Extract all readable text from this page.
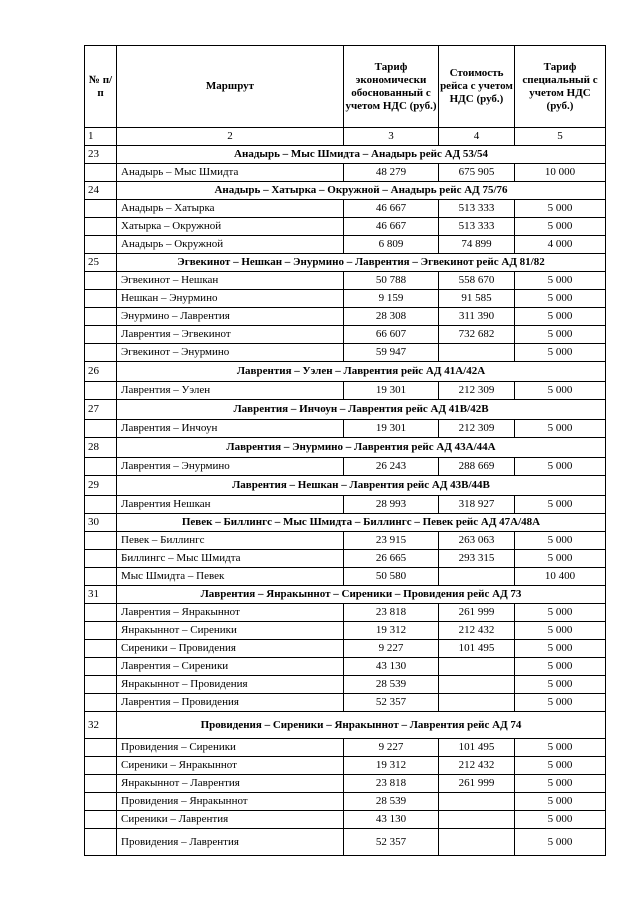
№ п/п	Маршрут	Тариф экономически обоснованный с учетом НДС (руб.)	Стоимость рейса с учетом НДС (руб.)	Тариф специальный с учетом НДС (руб.)
1	2	3	4	5
23	Анадырь – Мыс Шмидта – Анадырь рейс АД 53/54			
	Анадырь – Мыс Шмидта	48 279	675 905	10 000
24	Анадырь – Хатырка – Окружной – Анадырь рейс АД 75/76			
	Анадырь – Хатырка	46 667	513 333	5 000
	Хатырка – Окружной	46 667	513 333	5 000
	Анадырь – Окружной	6 809	74 899	4 000
25	Эгвекинот – Нешкан – Энурмино – Лаврентия – Эгвекинот рейс АД 81/82			
	Эгвекинот – Нешкан	50 788	558 670	5 000
	Нешкан – Энурмино	9 159	91 585	5 000
	Энурмино – Лаврентия	28 308	311 390	5 000
	Лаврентия – Эгвекинот	66 607	732 682	5 000
	Эгвекинот – Энурмино	59 947		5 000
26	Лаврентия – Уэлен – Лаврентия рейс АД 41А/42А			
	Лаврентия – Уэлен	19 301	212 309	5 000
27	Лаврентия – Инчоун – Лаврентия рейс АД 41В/42В			
	Лаврентия – Инчоун	19 301	212 309	5 000
28	Лаврентия – Энурмино – Лаврентия рейс АД 43А/44А			
	Лаврентия – Энурмино	26 243	288 669	5 000
29	Лаврентия – Нешкан – Лаврентия рейс АД 43В/44В			
	Лаврентия Нешкан	28 993	318 927	5 000
30	Певек – Биллингс – Мыс Шмидта – Биллингс – Певек рейс АД 47А/48А			
	Певек – Биллингс	23 915	263 063	5 000
	Биллингс – Мыс Шмидта	26 665	293 315	5 000
	Мыс Шмидта – Певек	50 580		10 400
31	Лаврентия – Янракыннот – Сиреники – Провидения рейс АД 73			
	Лаврентия – Янракыннот	23 818	261 999	5 000
	Янракыннот – Сиреники	19 312	212 432	5 000
	Сиреники – Провидения	9 227	101 495	5 000
	Лаврентия – Сиреники	43 130		5 000
	Янракыннот – Провидения	28 539		5 000
	Лаврентия – Провидения	52 357		5 000
32	Провидения – Сиреники – Янракыннот – Лаврентия рейс АД 74			
	Провидения – Сиреники	9 227	101 495	5 000
	Сиреники – Янракыннот	19 312	212 432	5 000
	Янракыннот – Лаврентия	23 818	261 999	5 000
	Провидения – Янракыннот	28 539		5 000
	Сиреники – Лаврентия	43 130		5 000
	Провидения – Лаврентия	52 357		5 000
